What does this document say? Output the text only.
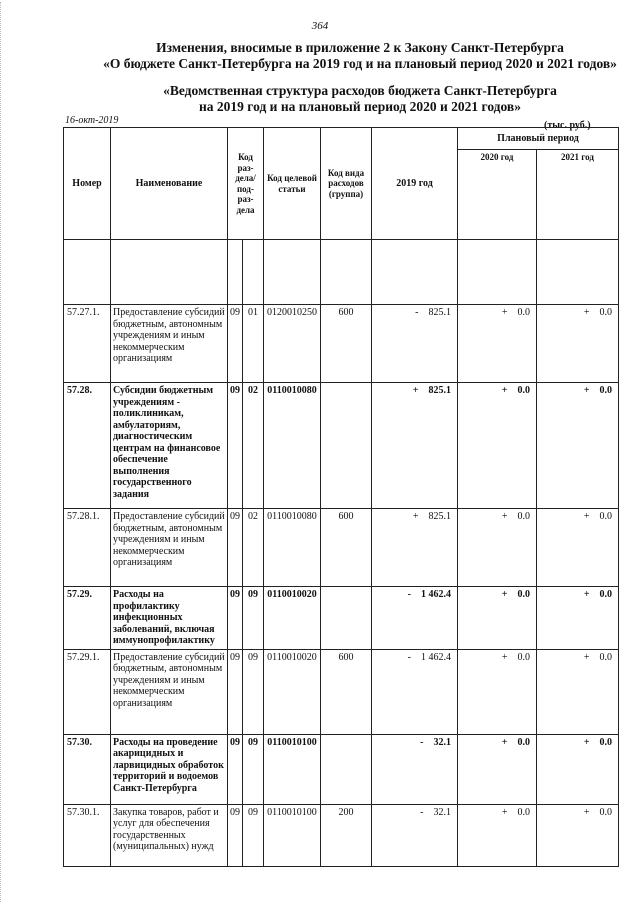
364
Изменения, вносимые в приложение 2 к Закону Санкт-Петербурга
«О бюджете Санкт-Петербурга на 2019 год и на плановый период 2020 и 2021 годов»
«Ведомственная структура расходов бюджета Санкт-Петербурга
на 2019 год и на плановый период 2020 и 2021 годов»
16-окт-2019	(тыс. руб.)
Номер	Наименование	Код раз-дела/ под-раз-дела		Код целевой статьи	Код вида расходов (группа)	2019 год	Плановый период	
							2020 год	2021 год

57.27.1.	Предоставление субсидий бюджетным, автономным учреждениям и иным некоммерческим организациям	09	01	0120010250	600	- 825.1	+ 0.0	+ 0.0

57.28.	Субсидии бюджетным учреждениям - поликлиникам, амбулаториям, диагностическим центрам на финансовое обеспечение выполнения государственного задания	09	02	0110010080		+ 825.1	+ 0.0	+ 0.0

57.28.1.	Предоставление субсидий бюджетным, автономным учреждениям и иным некоммерческим организациям	09	02	0110010080	600	+ 825.1	+ 0.0	+ 0.0

57.29.	Расходы на профилактику инфекционных заболеваний, включая иммунопрофилактику	09	09	0110010020		- 1 462.4	+ 0.0	+ 0.0

57.29.1.	Предоставление субсидий бюджетным, автономным учреждениям и иным некоммерческим организациям	09	09	0110010020	600	- 1 462.4	+ 0.0	+ 0.0

57.30.	Расходы на проведение акарицидных и ларвицидных обработок территорий и водоемов Санкт-Петербурга	09	09	0110010100		- 32.1	+ 0.0	+ 0.0

57.30.1.	Закупка товаров, работ и услуг для обеспечения государственных (муниципальных) нужд	09	09	0110010100	200	- 32.1	+ 0.0	+ 0.0
